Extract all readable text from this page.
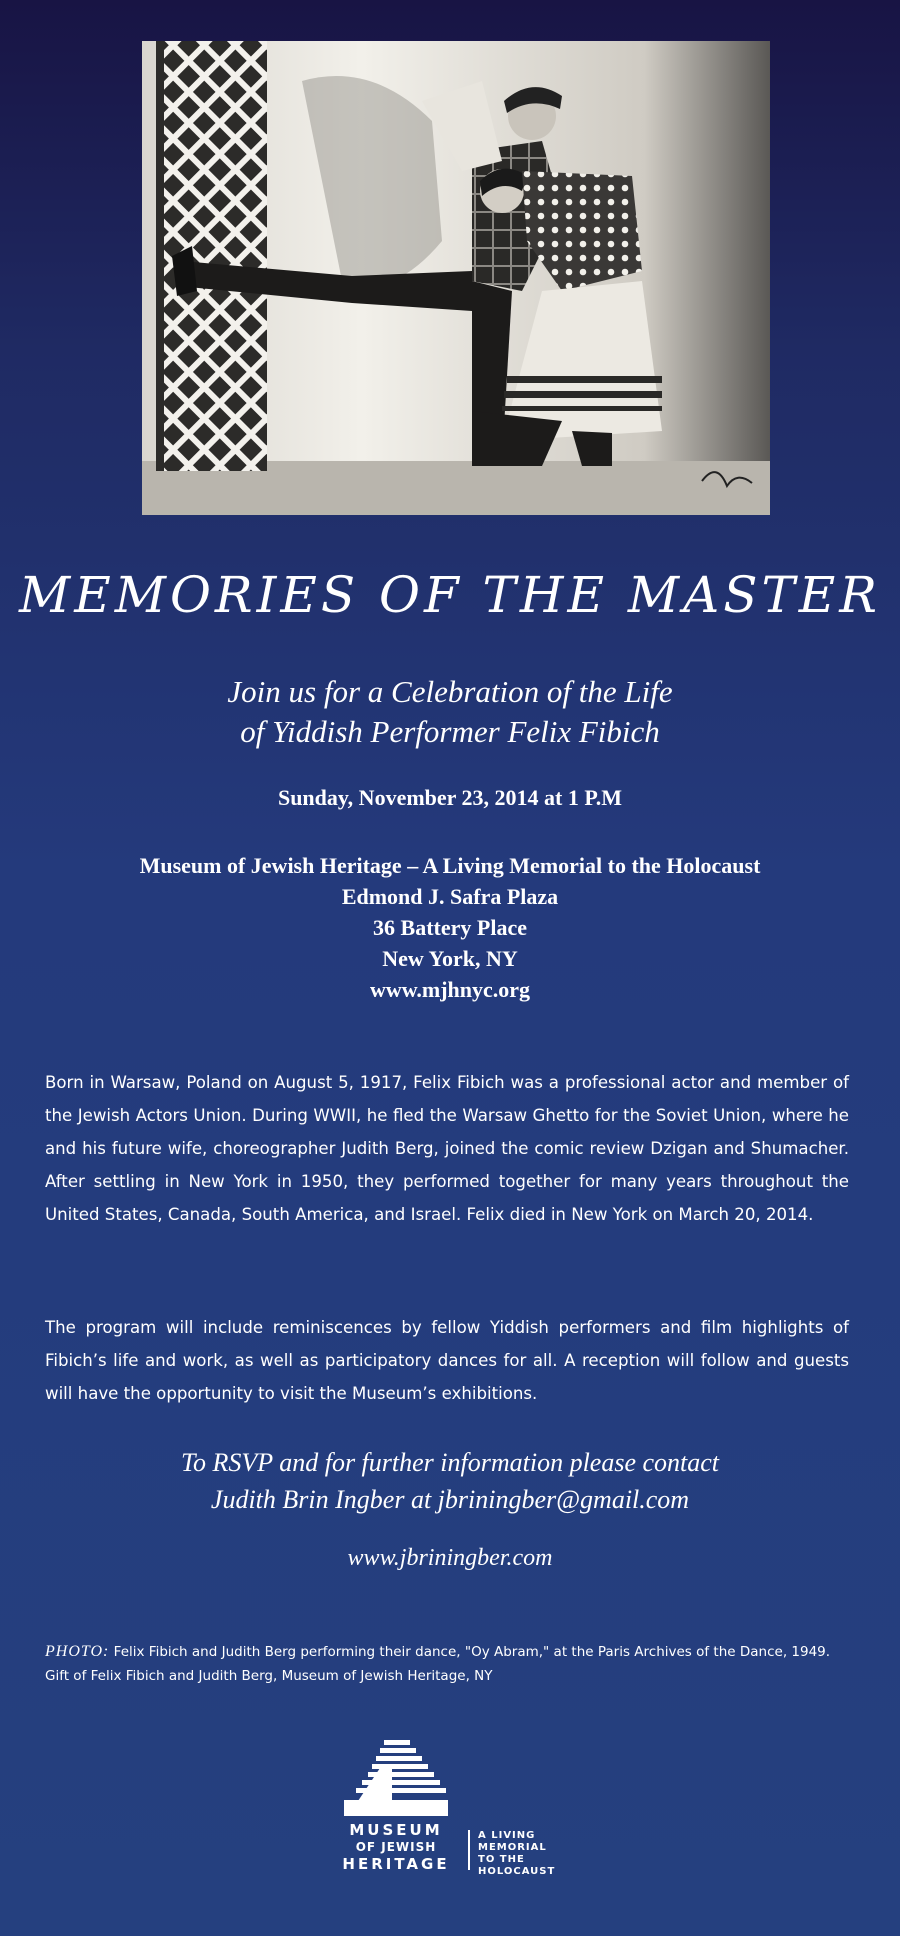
MEMORIES OF THE MASTER
Join us for a Celebration of the Life
of Yiddish Performer Felix Fibich
Sunday, November 23, 2014 at 1 P.M
Museum of Jewish Heritage – A Living Memorial to the Holocaust
Edmond J. Safra Plaza
36 Battery Place
New York, NY
www.mjhnyc.org
Born in Warsaw, Poland on August 5, 1917, Felix Fibich was a professional actor and member of the Jewish Actors Union. During WWII, he fled the Warsaw Ghetto for the Soviet Union, where he and his future wife, choreographer Judith Berg, joined the comic review Dzigan and Shumacher. After settling in New York in 1950, they performed together for many years throughout the United States, Canada, South America, and Israel. Felix died in New York on March 20, 2014.
The program will include reminiscences by fellow Yiddish performers and film highlights of Fibich’s life and work, as well as participatory dances for all. A reception will follow and guests will have the opportunity to visit the Museum’s exhibitions.
To RSVP and for further information please contact
Judith Brin Ingber at jbriningber@gmail.com
www.jbriningber.com
PHOTO: Felix Fibich and Judith Berg performing their dance, "Oy Abram," at the Paris Archives of the Dance, 1949. Gift of Felix Fibich and Judith Berg, Museum of Jewish Heritage, NY
MUSEUM
OF JEWISH
HERITAGE
A LIVING
MEMORIAL
TO THE
HOLOCAUST
